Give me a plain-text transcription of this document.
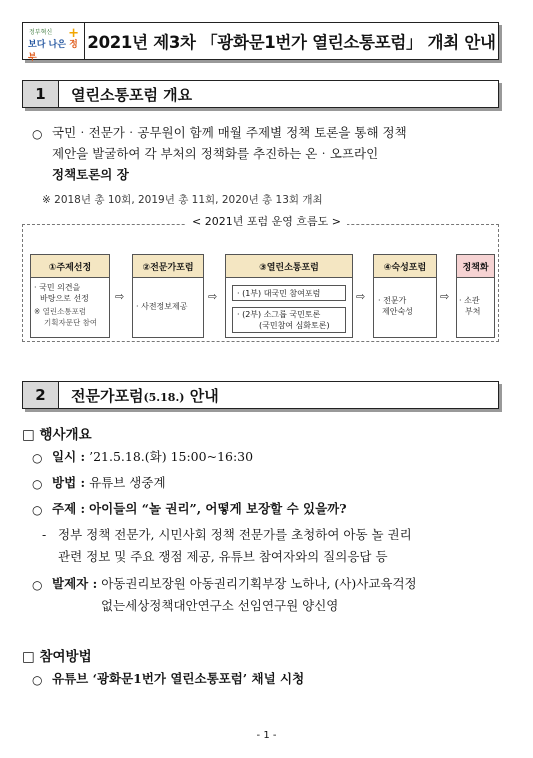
정부혁신
보다 나은 정부
+ 2021년 제3차 「광화문1번가 열린소통포럼」 개최 안내
1	열린소통포럼 개요
○ 국민‧전문가‧공무원이 함께 매월 주제별 정책 토론을 통해 정책
제안을 발굴하여 각 부처의 정책화를 추진하는 온‧오프라인
정책토론의 장
※ 2018년 총 10회, 2019년 총 11회, 2020년 총 13회 개최
< 2021년 포럼 운영 흐름도 >
①주제선정
· 국민 의견을
바탕으로 선정
※ 열린소통포럼
기획자문단 참여
⇨
②전문가포럼
· 사전정보제공
⇨
③열린소통포럼
· (1부) 대국민 참여포럼
· (2부) 소그룹 국민토론
(국민참여 심화토론)
⇨
④숙성포럼
· 전문가
제안숙성
⇨
정책화
· 소관
부처
2	전문가포럼(5.18.) 안내
□ 행사개요
○ 일시 : ’21.5.18.(화) 15:00~16:30
○ 방법 : 유튜브 생중계
○ 주제 : 아이들의 “놀 권리”, 어떻게 보장할 수 있을까?
- 정부 정책 전문가, 시민사회 정책 전문가를 초청하여 아동 놀 권리
관련 정보 및 주요 쟁점 제공, 유튜브 참여자와의 질의응답 등
○ 발제자 : 아동권리보장원 아동권리기획부장 노하나, (사)사교육걱정
없는세상정책대안연구소 선임연구원 양신영
□ 참여방법
○ 유튜브 ‘광화문1번가 열린소통포럼’ 채널 시청
- 1 -
